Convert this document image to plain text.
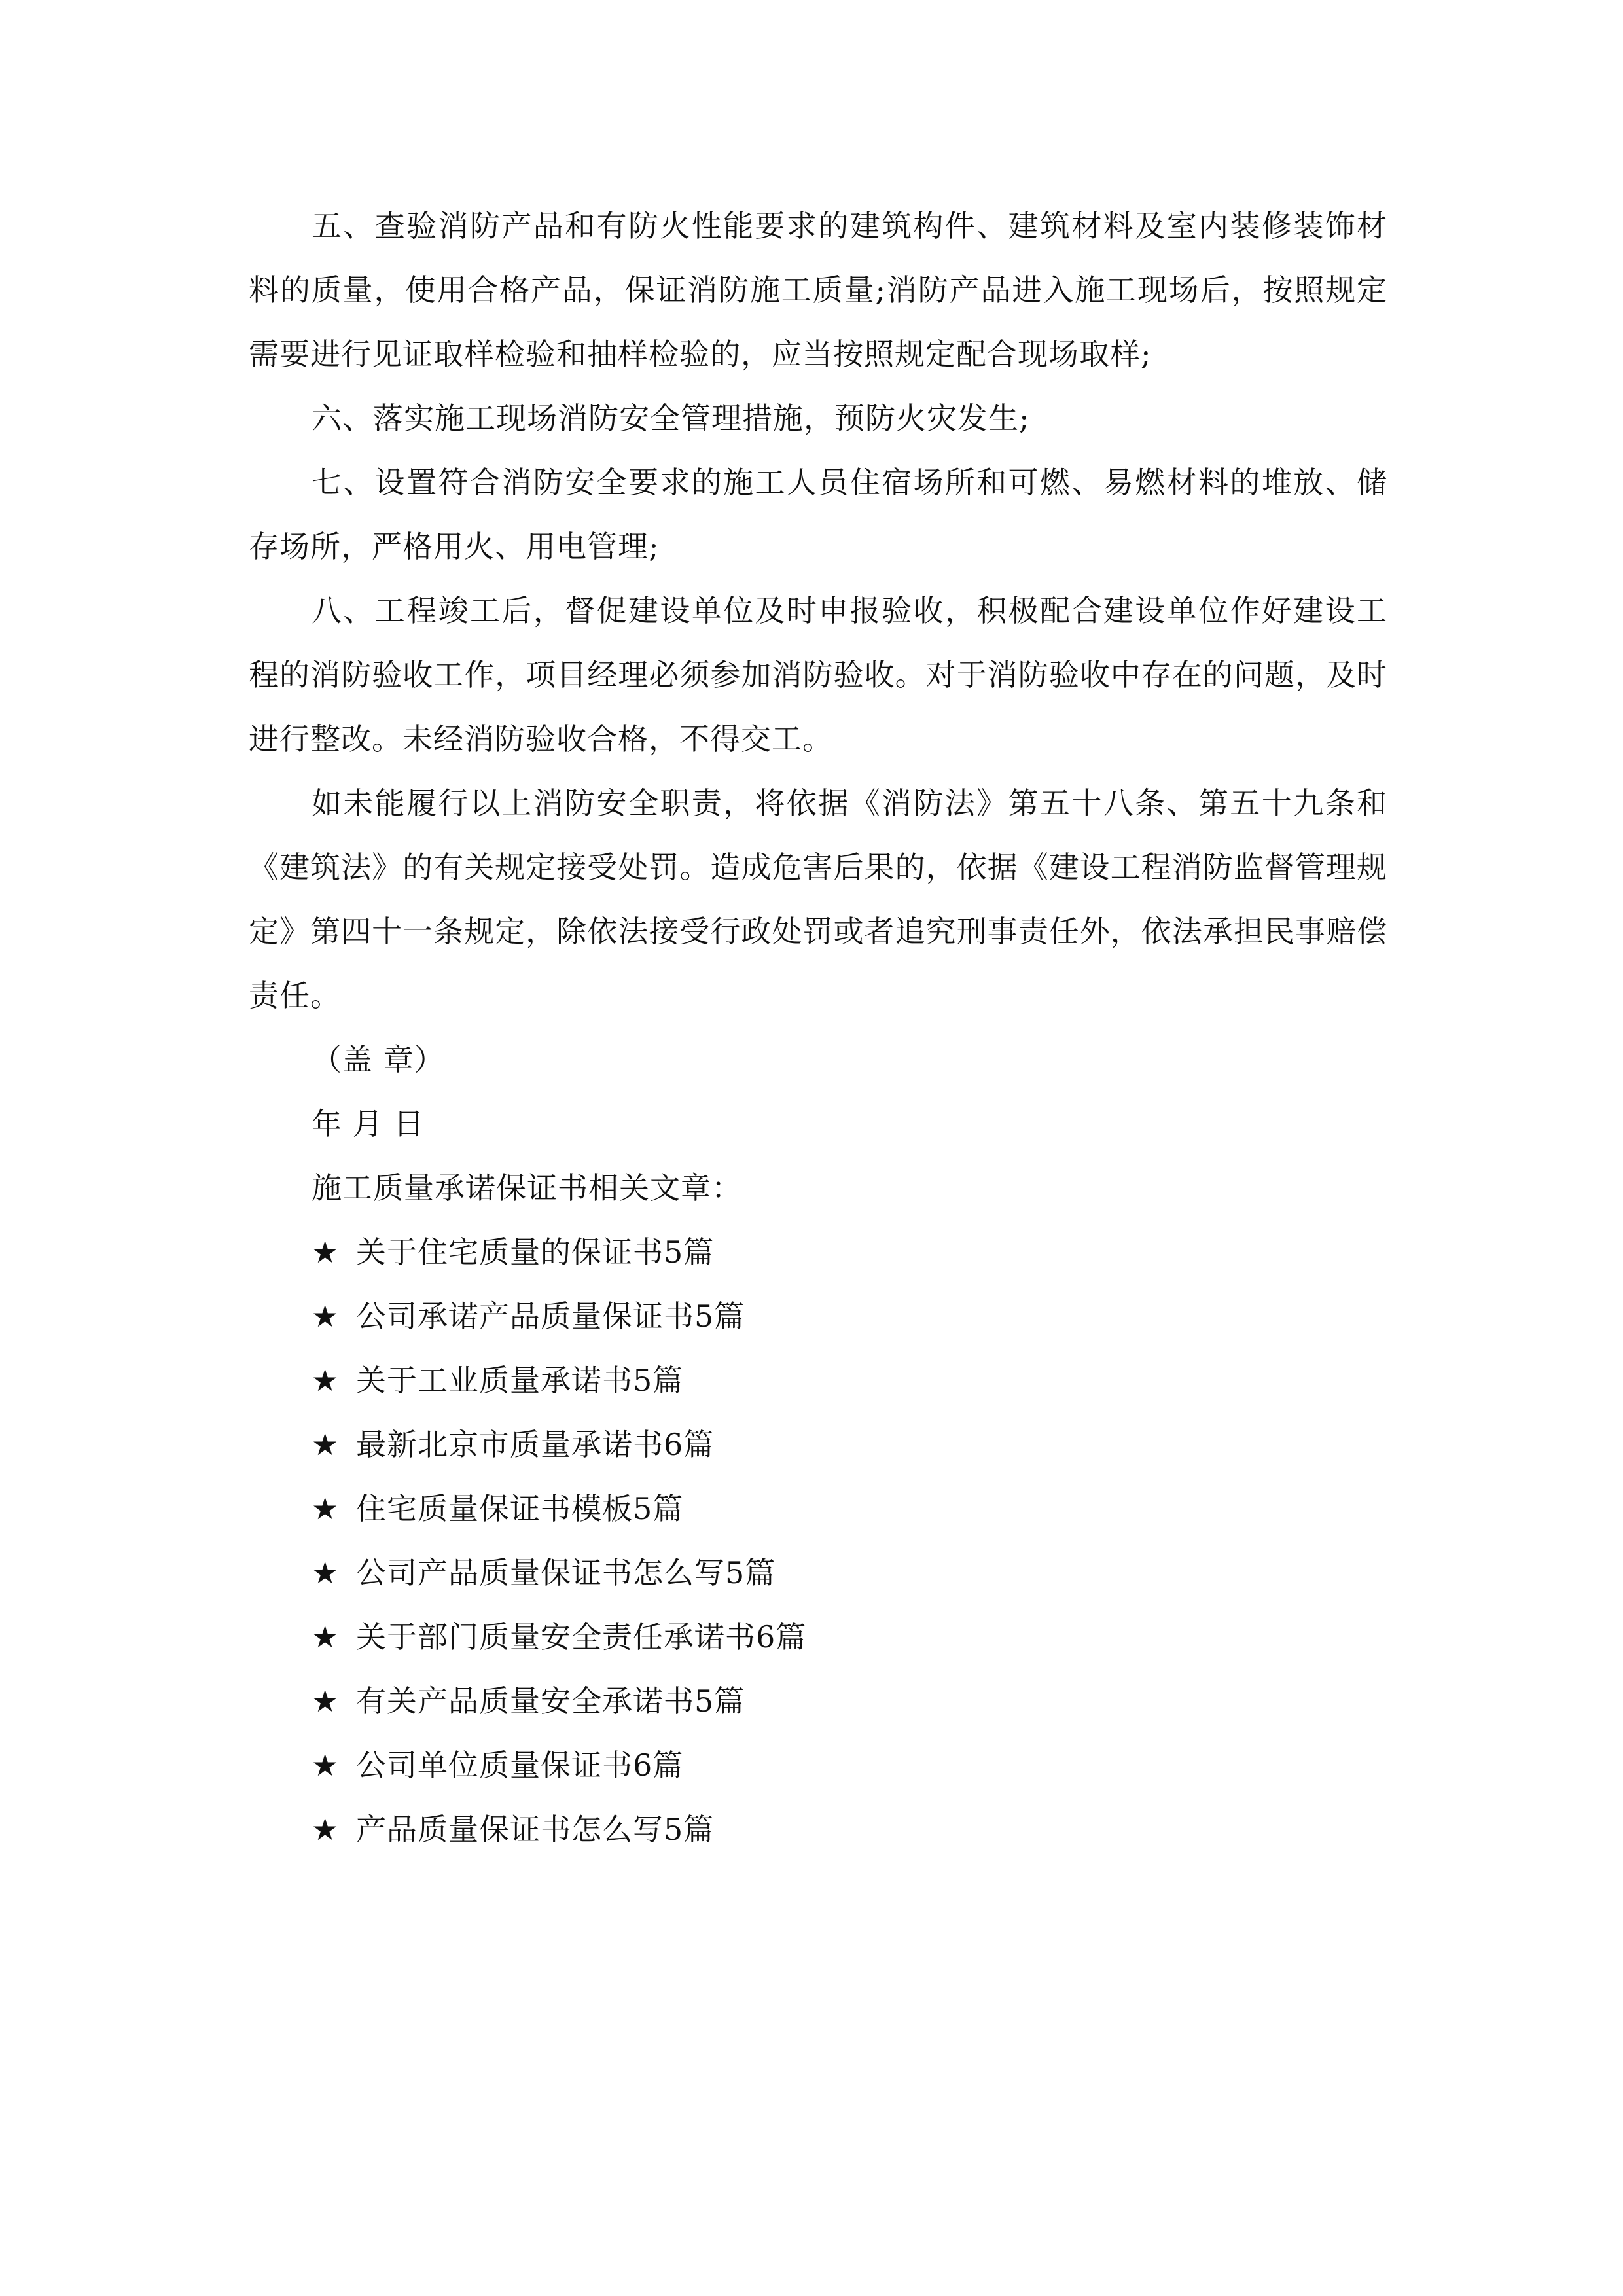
五、查验消防产品和有防火性能要求的建筑构件、建筑材料及室内装修装饰材料的质量，使用合格产品，保证消防施工质量;消防产品进入施工现场后，按照规定需要进行见证取样检验和抽样检验的，应当按照规定配合现场取样;

六、落实施工现场消防安全管理措施，预防火灾发生;

七、设置符合消防安全要求的施工人员住宿场所和可燃、易燃材料的堆放、储存场所，严格用火、用电管理;

八、工程竣工后，督促建设单位及时申报验收，积极配合建设单位作好建设工程的消防验收工作，项目经理必须参加消防验收。对于消防验收中存在的问题，及时进行整改。未经消防验收合格，不得交工。

如未能履行以上消防安全职责，将依据《消防法》第五十八条、第五十九条和《建筑法》的有关规定接受处罚。造成危害后果的，依据《建设工程消防监督管理规定》第四十一条规定，除依法接受行政处罚或者追究刑事责任外，依法承担民事赔偿责任。

（盖 章）

年 月 日

施工质量承诺保证书相关文章：

★ 关于住宅质量的保证书5篇
★ 公司承诺产品质量保证书5篇
★ 关于工业质量承诺书5篇
★ 最新北京市质量承诺书6篇
★ 住宅质量保证书模板5篇
★ 公司产品质量保证书怎么写5篇
★ 关于部门质量安全责任承诺书6篇
★ 有关产品质量安全承诺书5篇
★ 公司单位质量保证书6篇
★ 产品质量保证书怎么写5篇
